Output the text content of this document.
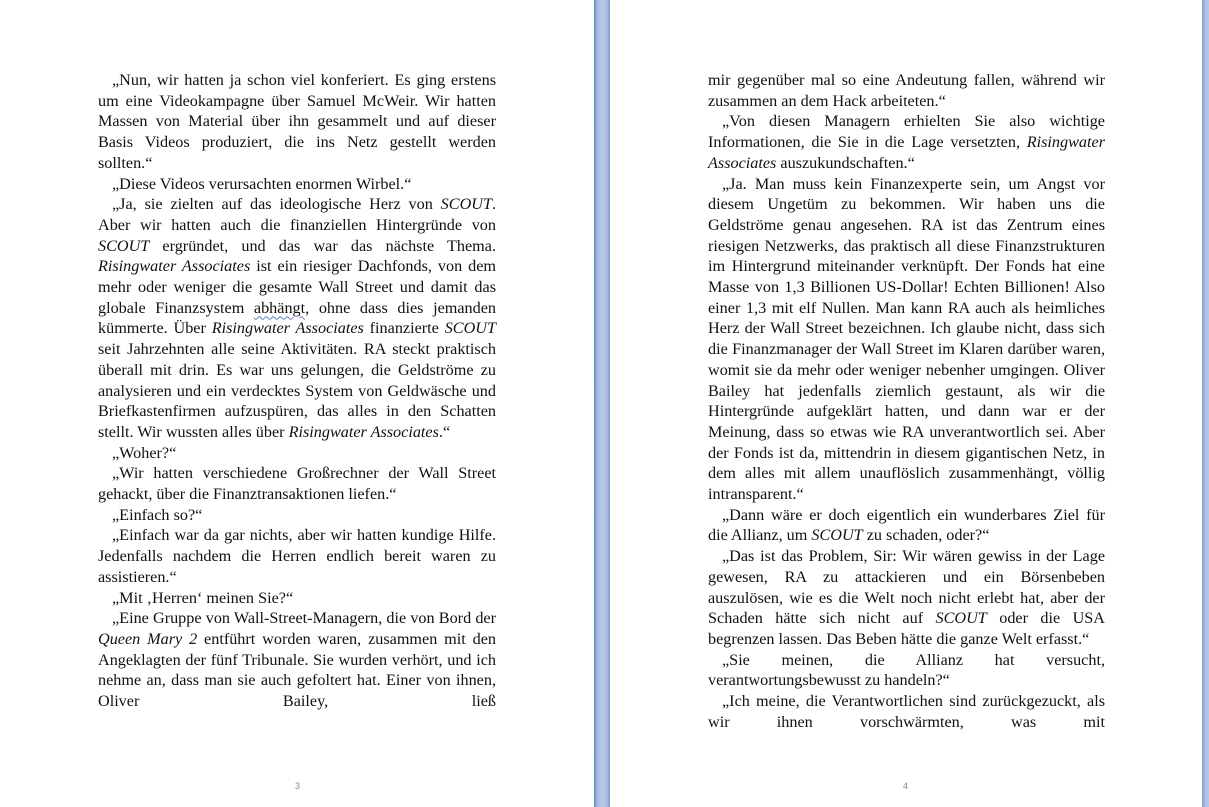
„Nun, wir hatten ja schon viel konferiert. Es ging erstens um eine Videokampagne über Samuel McWeir. Wir hatten Massen von Material über ihn gesammelt und auf dieser Basis Videos produziert, die ins Netz gestellt werden sollten.“

„Diese Videos verursachten enormen Wirbel.“

„Ja, sie zielten auf das ideologische Herz von SCOUT. Aber wir hatten auch die finanziellen Hintergründe von SCOUT ergründet, und das war das nächste Thema. Risingwater Associates ist ein riesiger Dachfonds, von dem mehr oder weniger die gesamte Wall Street und damit das globale Finanzsystem abhängt, ohne dass dies jemanden kümmerte. Über Risingwater Associates finanzierte SCOUT seit Jahrzehnten alle seine Aktivitäten. RA steckt praktisch überall mit drin. Es war uns gelungen, die Geldströme zu analysieren und ein verdecktes System von Geldwäsche und Briefkastenfirmen aufzuspüren, das alles in den Schatten stellt. Wir wussten alles über Risingwater Associates.“

„Woher?“

„Wir hatten verschiedene Großrechner der Wall Street gehackt, über die Finanztransaktionen liefen.“

„Einfach so?“

„Einfach war da gar nichts, aber wir hatten kundige Hilfe. Jedenfalls nachdem die Herren endlich bereit waren zu assistieren.“

„Mit ‚Herren‘ meinen Sie?“

„Eine Gruppe von Wall-Street-Managern, die von Bord der Queen Mary 2 entführt worden waren, zusammen mit den Angeklagten der fünf Tribunale. Sie wurden verhört, und ich nehme an, dass man sie auch gefoltert hat. Einer von ihnen, Oliver Bailey, ließ

3

mir gegenüber mal so eine Andeutung fallen, während wir zusammen an dem Hack arbeiteten.“

„Von diesen Managern erhielten Sie also wichtige Informationen, die Sie in die Lage versetzten, Risingwater Associates auszukundschaften.“

„Ja. Man muss kein Finanzexperte sein, um Angst vor diesem Ungetüm zu bekommen. Wir haben uns die Geldströme genau angesehen. RA ist das Zentrum eines riesigen Netzwerks, das praktisch all diese Finanzstrukturen im Hintergrund miteinander verknüpft. Der Fonds hat eine Masse von 1,3 Billionen US-Dollar! Echten Billionen! Also einer 1,3 mit elf Nullen. Man kann RA auch als heimliches Herz der Wall Street bezeichnen. Ich glaube nicht, dass sich die Finanzmanager der Wall Street im Klaren darüber waren, womit sie da mehr oder weniger nebenher umgingen. Oliver Bailey hat jedenfalls ziemlich gestaunt, als wir die Hintergründe aufgeklärt hatten, und dann war er der Meinung, dass so etwas wie RA unverantwortlich sei. Aber der Fonds ist da, mittendrin in diesem gigantischen Netz, in dem alles mit allem unauflöslich zusammenhängt, völlig intransparent.“

„Dann wäre er doch eigentlich ein wunderbares Ziel für die Allianz, um SCOUT zu schaden, oder?“

„Das ist das Problem, Sir: Wir wären gewiss in der Lage gewesen, RA zu attackieren und ein Börsenbeben auszulösen, wie es die Welt noch nicht erlebt hat, aber der Schaden hätte sich nicht auf SCOUT oder die USA begrenzen lassen. Das Beben hätte die ganze Welt erfasst.“

„Sie meinen, die Allianz hat versucht, verantwortungsbewusst zu handeln?“

„Ich meine, die Verantwortlichen sind zurückgezuckt, als wir ihnen vorschwärmten, was mit

4
